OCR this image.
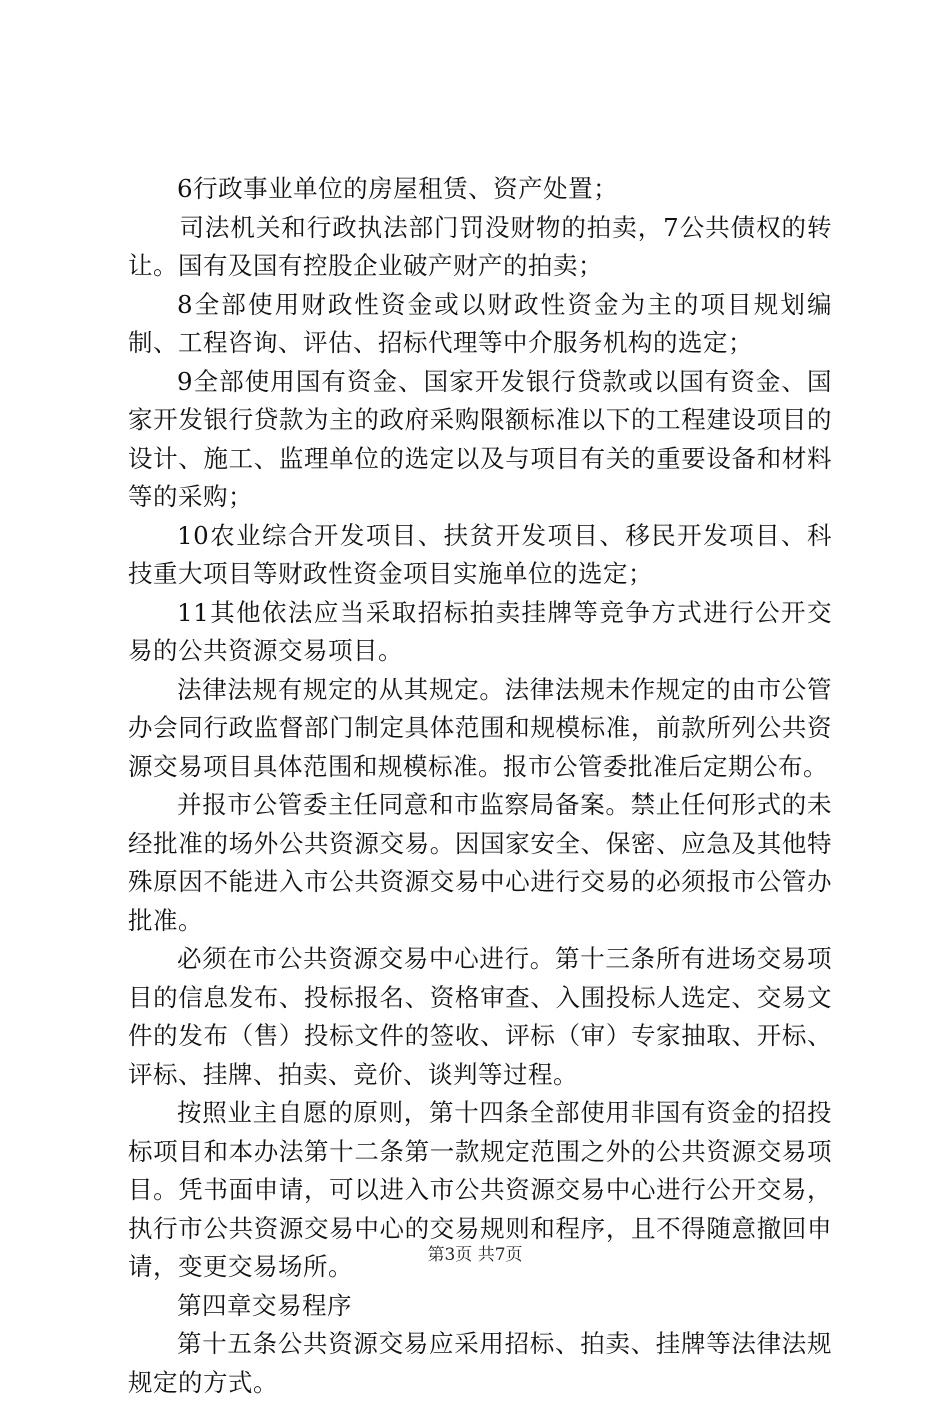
6行政事业单位的房屋租赁、资产处置；

司法机关和行政执法部门罚没财物的拍卖，7公共债权的转让。国有及国有控股企业破产财产的拍卖；

8全部使用财政性资金或以财政性资金为主的项目规划编制、工程咨询、评估、招标代理等中介服务机构的选定；

9全部使用国有资金、国家开发银行贷款或以国有资金、国家开发银行贷款为主的政府采购限额标准以下的工程建设项目的设计、施工、监理单位的选定以及与项目有关的重要设备和材料等的采购；

10农业综合开发项目、扶贫开发项目、移民开发项目、科技重大项目等财政性资金项目实施单位的选定；

11其他依法应当采取招标拍卖挂牌等竞争方式进行公开交易的公共资源交易项目。

法律法规有规定的从其规定。法律法规未作规定的由市公管办会同行政监督部门制定具体范围和规模标准，前款所列公共资源交易项目具体范围和规模标准。报市公管委批准后定期公布。

并报市公管委主任同意和市监察局备案。禁止任何形式的未经批准的场外公共资源交易。因国家安全、保密、应急及其他特殊原因不能进入市公共资源交易中心进行交易的必须报市公管办批准。

必须在市公共资源交易中心进行。第十三条所有进场交易项目的信息发布、投标报名、资格审查、入围投标人选定、交易文件的发布（售）投标文件的签收、评标（审）专家抽取、开标、评标、挂牌、拍卖、竞价、谈判等过程。

按照业主自愿的原则，第十四条全部使用非国有资金的招投标项目和本办法第十二条第一款规定范围之外的公共资源交易项目。凭书面申请，可以进入市公共资源交易中心进行公开交易，执行市公共资源交易中心的交易规则和程序，且不得随意撤回申请，变更交易场所。

第四章交易程序

第十五条公共资源交易应采用招标、拍卖、挂牌等法律法规规定的方式。

第3页 共7页
